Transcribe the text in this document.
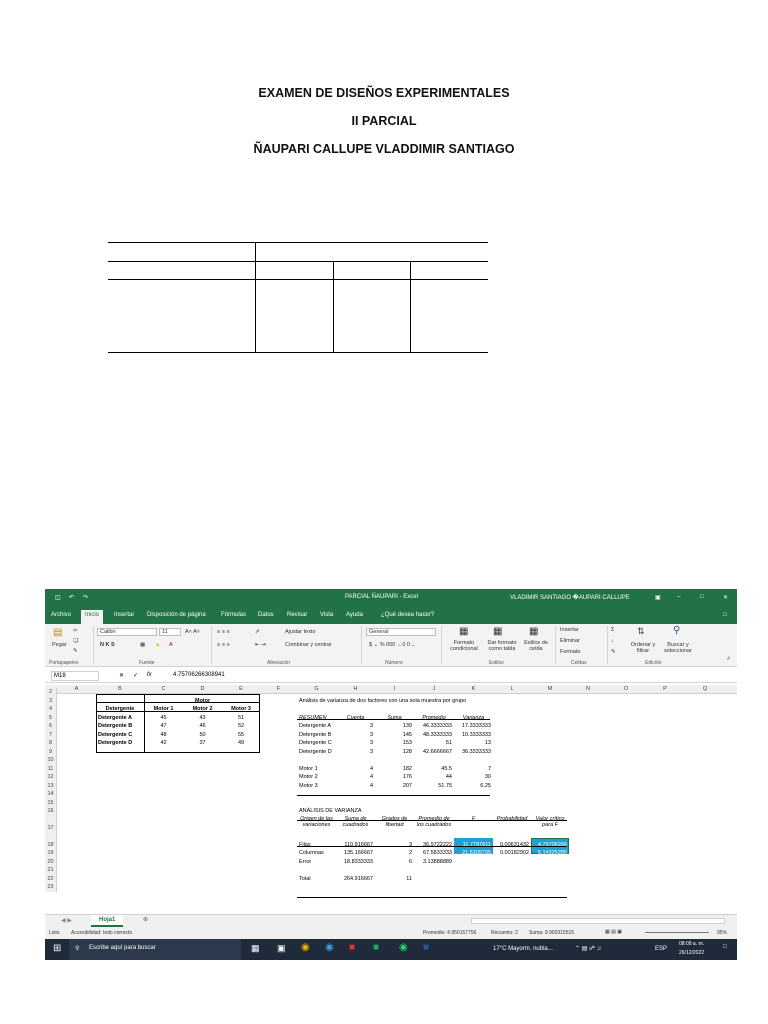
EXAMEN DE DISEÑOS EXPERIMENTALES
II PARCIAL
ÑAUPARI CALLUPE VLADDIMIR SANTIAGO
◫ ↶ ↷	PARCIAL ÑAUPARI - Excel	VLADIMIR SANTIAGO �AUPARI CALLUPE	▣	–	□	✕
Archivo	Inicio	Insertar Disposición de página	Fórmulas Datos Revisar Vista Ayuda	¿Qué desea hacer?	□
▤
Pegar
✂
❏
✎
Portapapeles
Calibri	11	A˄ A˅
N K S	▦ ▲ A
Fuente
≡ ≡ ≡
≡ ≡ ≡
⇗
⇤ ⇥
Ajustar texto
Combinar y centrar
Alineación
General
$ ⌄ % 000 ←0 0→
Número
▦
Formato condicional
▦
Dar formato como tabla
▦
Estilos de celda
Estilos
Insertar
Eliminar
Formato
Celdas
Σ
↓
✎
⇅
Ordenar y filtrar
⚲
Buscar y seleccionar
Edición
˄
M18	✕ ✓ fx	4.75706266308941
A	B	C	D	E	F	G	H	I	J	K	L	M	N	O	P	Q
2
3
4
5
6
7
8
9
10
11
12
13
14
15
16
17
18
19
20
21
22
23
Motor
Detergente	Motor 1	Motor 2	Motor 3
Detergente A	45	43	51
Detergente B	47	46	52
Detergente C	48	50	55
Detergente D	42	37	49
Análisis de varianza de dos factores con una sola muestra por grupo
RESUMEN	Cuenta	Suma	Promedio	Varianza
Detergente A	3	139	46.3333333	17.3333333
Detergente B	3	145	48.3333333	10.3333333
Detergente C	3	153	51	13
Detergente D	3	128	42.6666667	36.3333333
Motor 1	4	182	45.5	7
Motor 2	4	176	44	30
Motor 3	4	207	51.75	6.25
ANÁLISIS DE VARIANZA
Origen de las variaciones
Suma de cuadrados
Grados de libertad
Promedio de los cuadrados
F	Probabilidad	Valor crítico para F
Filas	110.916667	3	36.9722222	11.7787611	0.00631432	4.75706266
Columnas	135.166667	2	67.5833333	21.5309735	0.00182902	5.14325285
Error	18.8333333	6	3.13888889
Total	264.916667	11
◀ ▶	Hoja1	⊕
Listo Accesibilidad: todo correcto	Promedio: 4.950157756	Recuento: 2 Suma: 9.900315515	▦ ▤ ▣	95%
⊞ ⚲ Escribe aquí para buscar	▦ ▣ ◉ ◉ ■ ■ ◉ ■	17°C Mayorm. nubla...	⌃ ▤ ☍ ♫	ESP
08:09 a. m.
26/12/2022
□
